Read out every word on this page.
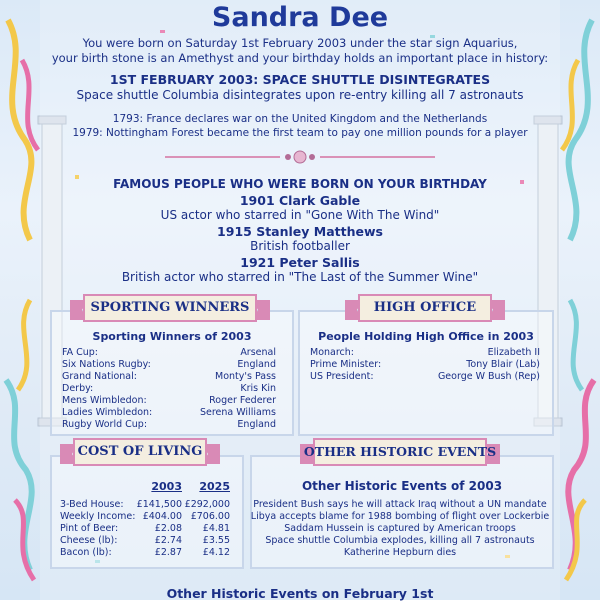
Sandra Dee
You were born on Saturday 1st February 2003 under the star sign Aquarius,
your birth stone is an Amethyst and your birthday holds an important place in history:
1ST FEBRUARY 2003: SPACE SHUTTLE DISINTEGRATES
Space shuttle Columbia disintegrates upon re-entry killing all 7 astronauts
1793: France declares war on the United Kingdom and the Netherlands
1979: Nottingham Forest became the first team to pay one million pounds for a player
FAMOUS PEOPLE WHO WERE BORN ON YOUR BIRTHDAY
1901 Clark Gable
US actor who starred in "Gone With The Wind"
1915 Stanley Matthews
British footballer
1921 Peter Sallis
British actor who starred in "The Last of the Summer Wine"
SPORTING WINNERS
Sporting Winners of 2003
FA Cup:	Arsenal
Six Nations Rugby:	England
Grand National:	Monty's Pass
Derby:	Kris Kin
Mens Wimbledon:	Roger Federer
Ladies Wimbledon:	Serena Williams
Rugby World Cup:	England
HIGH OFFICE
People Holding High Office in 2003
Monarch:	Elizabeth II
Prime Minister:	Tony Blair (Lab)
US President:	George W Bush (Rep)
COST OF LIVING
2003	2025
3-Bed House:	£141,500 £292,000
Weekly Income: £404.00 £706.00
Pint of Beer:	£2.08	£4.81
Cheese (lb):	£2.74	£3.55
Bacon (lb):	£2.87	£4.12
OTHER HISTORIC EVENTS
Other Historic Events of 2003
President Bush says he will attack Iraq without a UN mandate
Libya accepts blame for 1988 bombing of flight over Lockerbie
Saddam Hussein is captured by American troops
Space shuttle Columbia explodes, killing all 7 astronauts
Katherine Hepburn dies
Other Historic Events on February 1st
